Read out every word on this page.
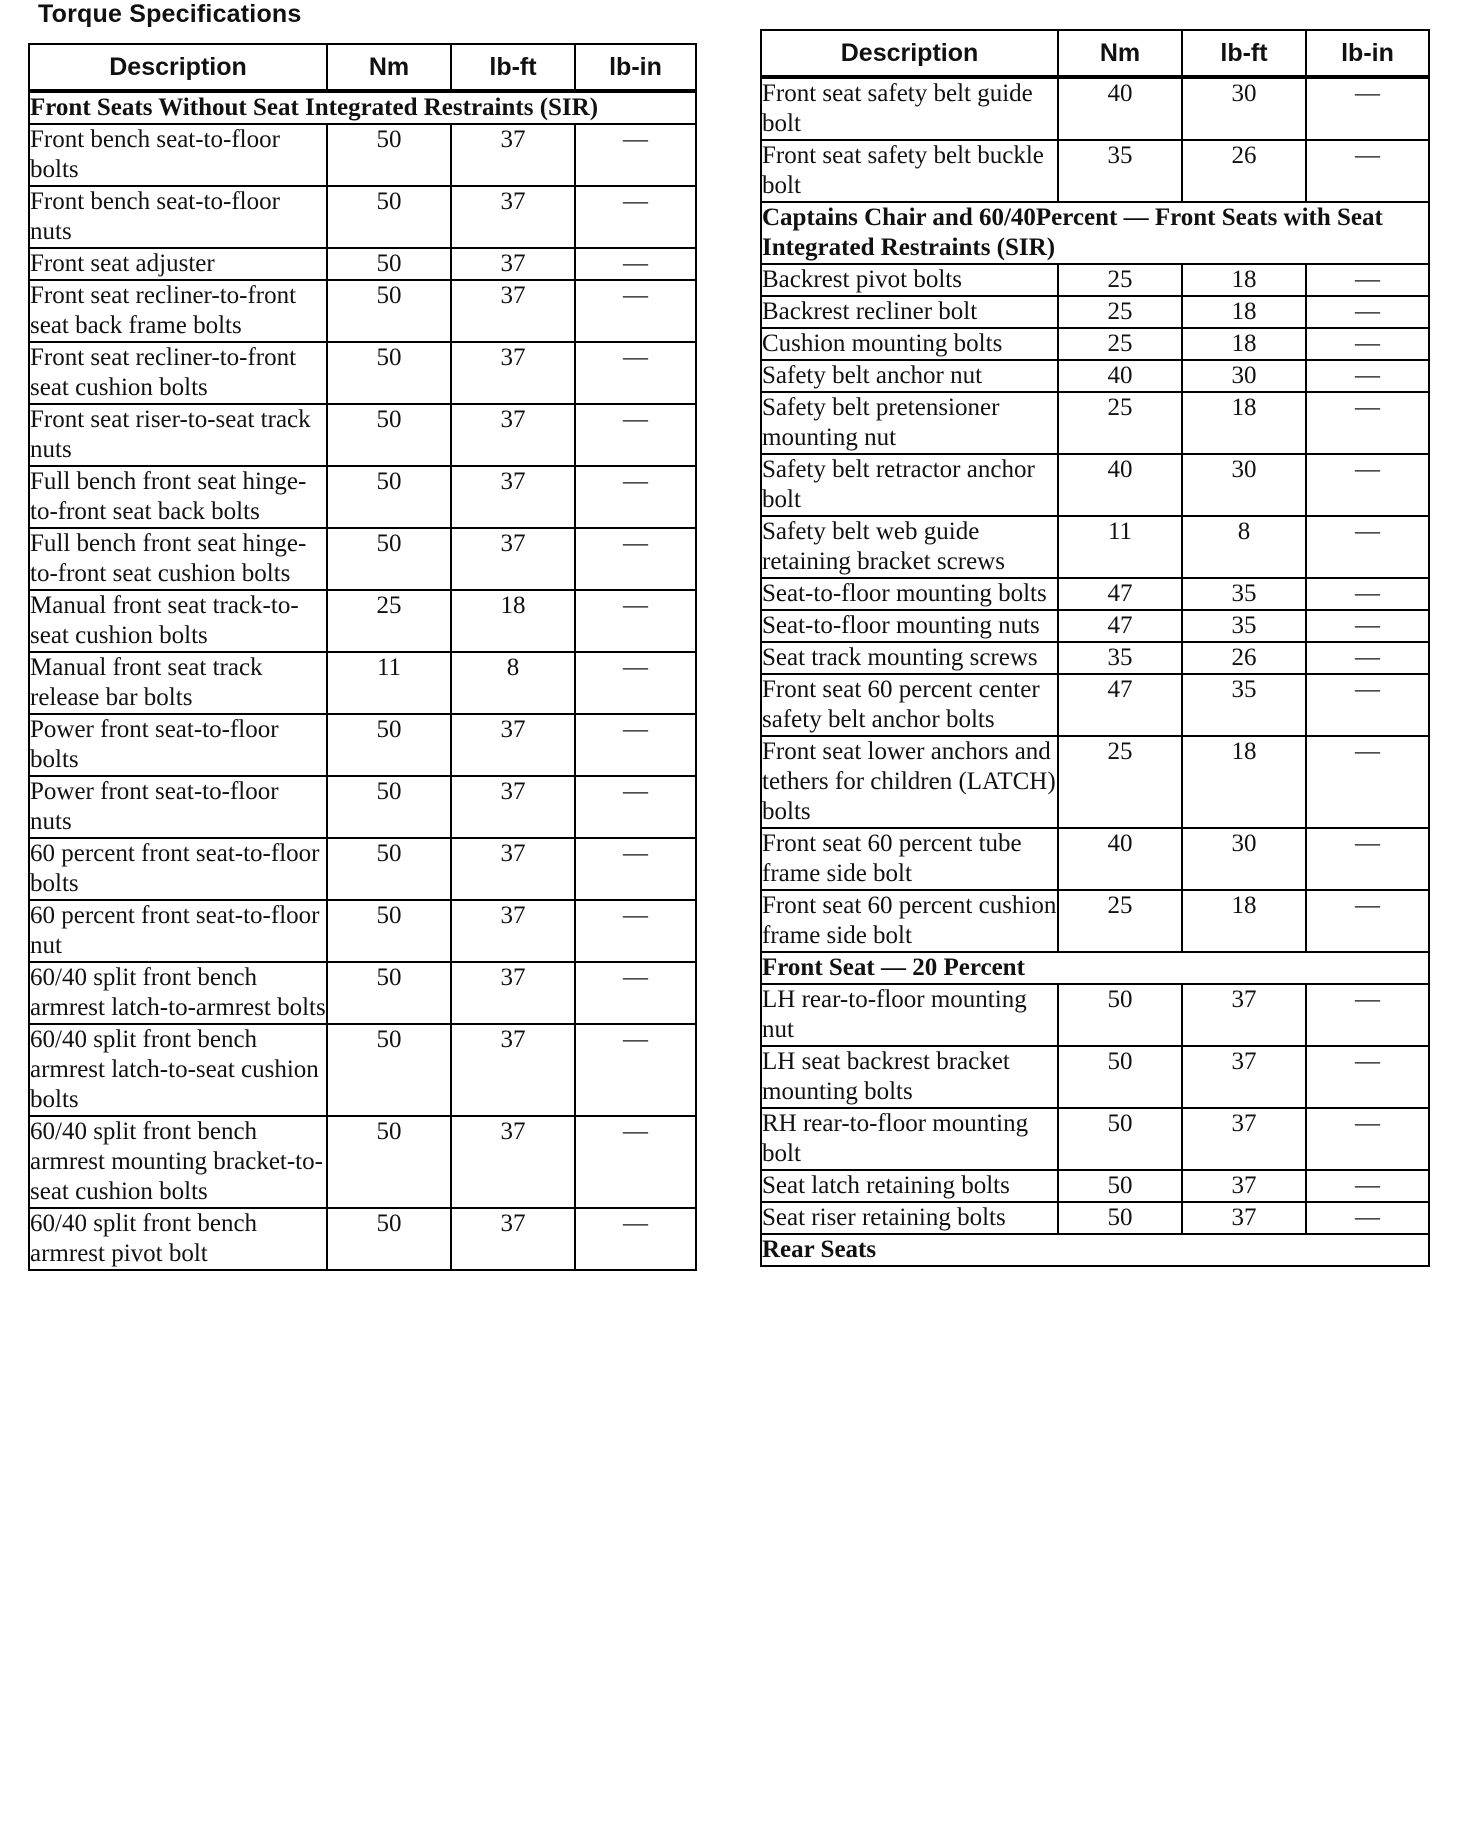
Torque Specifications
Description	Nm	lb-ft	lb-in
Front Seats Without Seat Integrated Restraints (SIR)			
Front bench seat-to-floor bolts	50	37	—
Front bench seat-to-floor nuts	50	37	—
Front seat adjuster	50	37	—
Front seat recliner-to-front seat back frame bolts	50	37	—
Front seat recliner-to-front seat cushion bolts	50	37	—
Front seat riser-to-seat track nuts	50	37	—
Full bench front seat hinge-to-front seat back bolts	50	37	—
Full bench front seat hinge-to-front seat cushion bolts	50	37	—
Manual front seat track-to-seat cushion bolts	25	18	—
Manual front seat track release bar bolts	11	8	—
Power front seat-to-floor bolts	50	37	—
Power front seat-to-floor nuts	50	37	—
60 percent front seat-to-floor bolts	50	37	—
60 percent front seat-to-floor nut	50	37	—
60/40 split front bench armrest latch-to-armrest bolts	50	37	—
60/40 split front bench armrest latch-to-seat cushion bolts	50	37	—
60/40 split front bench armrest mounting bracket-to-seat cushion bolts	50	37	—
60/40 split front bench armrest pivot bolt	50	37	—
Description	Nm	lb-ft	lb-in
Front seat safety belt guide bolt	40	30	—
Front seat safety belt buckle bolt	35	26	—
Captains Chair and 60/40Percent — Front Seats with Seat Integrated Restraints (SIR)			
Backrest pivot bolts	25	18	—
Backrest recliner bolt	25	18	—
Cushion mounting bolts	25	18	—
Safety belt anchor nut	40	30	—
Safety belt pretensioner mounting nut	25	18	—
Safety belt retractor anchor bolt	40	30	—
Safety belt web guide retaining bracket screws	11	8	—
Seat-to-floor mounting bolts	47	35	—
Seat-to-floor mounting nuts	47	35	—
Seat track mounting screws	35	26	—
Front seat 60 percent center safety belt anchor bolts	47	35	—
Front seat lower anchors and tethers for children (LATCH) bolts	25	18	—
Front seat 60 percent tube frame side bolt	40	30	—
Front seat 60 percent cushion frame side bolt	25	18	—
Front Seat — 20 Percent			
LH rear-to-floor mounting nut	50	37	—
LH seat backrest bracket mounting bolts	50	37	—
RH rear-to-floor mounting bolt	50	37	—
Seat latch retaining bolts	50	37	—
Seat riser retaining bolts	50	37	—
Rear Seats			
